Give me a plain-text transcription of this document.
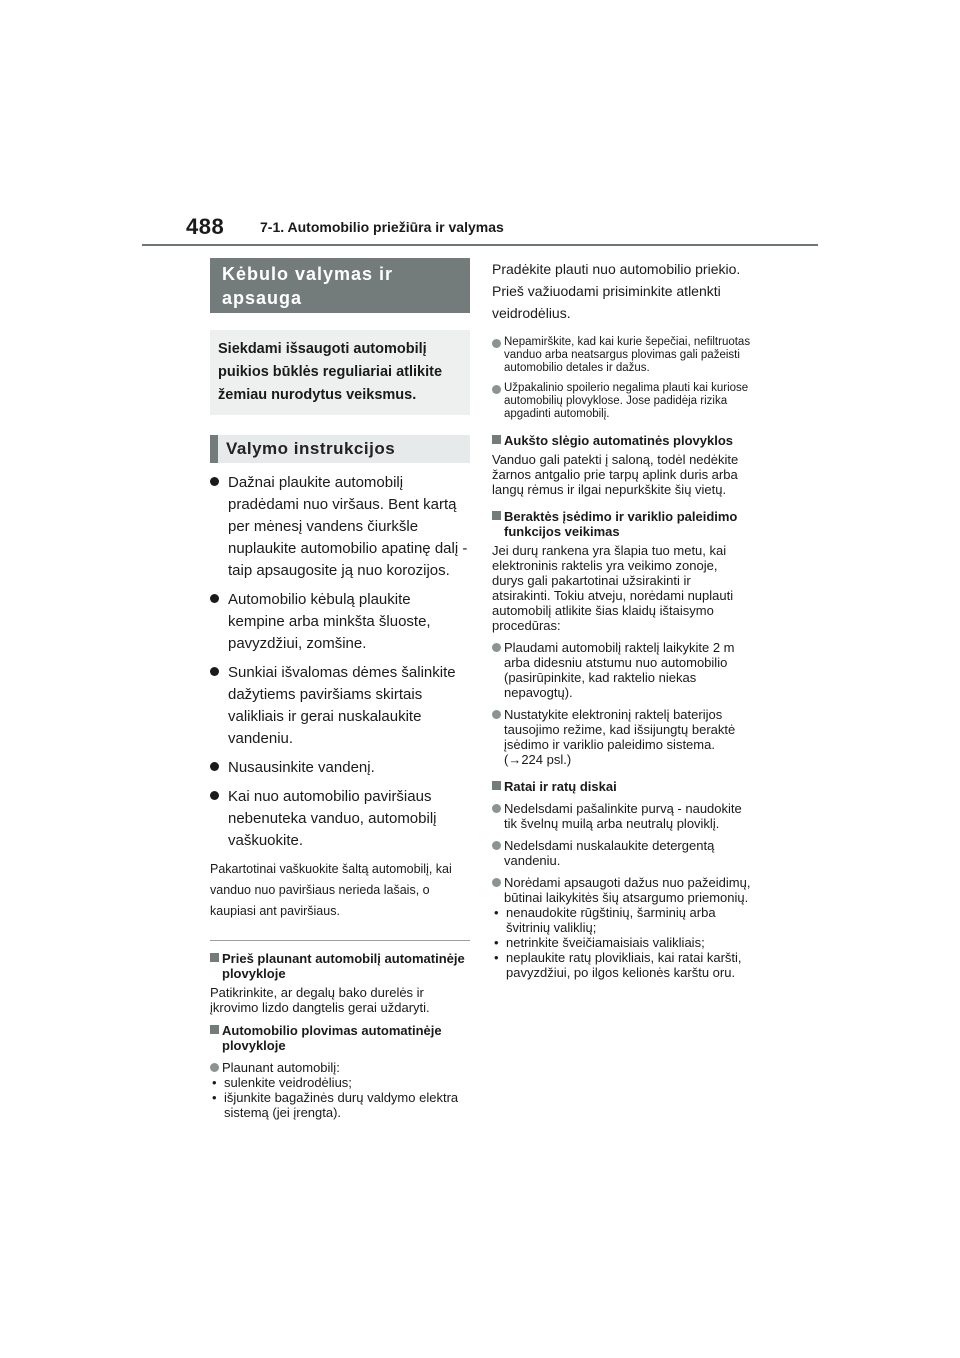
488	7-1. Automobilio priežiūra ir valymas
Kėbulo valymas ir apsauga
Siekdami išsaugoti automobilį puikios būklės reguliariai atlikite žemiau nurodytus veiksmus.
Valymo instrukcijos
Dažnai plaukite automobilį pradėdami nuo viršaus. Bent kartą per mėnesį vandens čiurkšle nuplaukite automobilio apatinę dalį - taip apsaugosite ją nuo korozijos.
Automobilio kėbulą plaukite kempine arba minkšta šluoste, pavyzdžiui, zomšine.
Sunkiai išvalomas dėmes šalinkite dažytiems paviršiams skirtais valikliais ir gerai nuskalaukite vandeniu.
Nusausinkite vandenį.
Kai nuo automobilio paviršiaus nebenuteka vanduo, automobilį vaškuokite.
Pakartotinai vaškuokite šaltą automobilį, kai vanduo nuo paviršiaus nerieda lašais, o kaupiasi ant paviršiaus.
Prieš plaunant automobilį automatinėje plovykloje
Patikrinkite, ar degalų bako durelės ir įkrovimo lizdo dangtelis gerai uždaryti.
Automobilio plovimas automatinėje plovykloje
Plaunant automobilį:
• sulenkite veidrodėlius;
• išjunkite bagažinės durų valdymo elektra sistemą (jei įrengta).
Pradėkite plauti nuo automobilio priekio. Prieš važiuodami prisiminkite atlenkti veidrodėlius.
Nepamirškite, kad kai kurie šepečiai, nefiltruotas vanduo arba neatsargus plovimas gali pažeisti automobilio detales ir dažus.
Užpakalinio spoilerio negalima plauti kai kuriose automobilių plovyklose. Jose padidėja rizika apgadinti automobilį.
Aukšto slėgio automatinės plovyklos
Vanduo gali patekti į saloną, todėl nedėkite žarnos antgalio prie tarpų aplink duris arba langų rėmus ir ilgai nepurkškite šių vietų.
Beraktės įsėdimo ir variklio paleidimo funkcijos veikimas
Jei durų rankena yra šlapia tuo metu, kai elektroninis raktelis yra veikimo zonoje, durys gali pakartotinai užsirakinti ir atsirakinti. Tokiu atveju, norėdami nuplauti automobilį atlikite šias klaidų ištaisymo procedūras:
Plaudami automobilį raktelį laikykite 2 m arba didesniu atstumu nuo automobilio (pasirūpinkite, kad raktelio niekas nepavogtų).
Nustatykite elektroninį raktelį baterijos tausojimo režime, kad išsijungtų beraktė įsėdimo ir variklio paleidimo sistema. (→224 psl.)
Ratai ir ratų diskai
Nedelsdami pašalinkite purvą - naudokite tik švelnų muilą arba neutralų ploviklį.
Nedelsdami nuskalaukite detergentą vandeniu.
Norėdami apsaugoti dažus nuo pažeidimų, būtinai laikykitės šių atsargumo priemonių.
• nenaudokite rūgštinių, šarminių arba švitrinių valiklių;
• netrinkite šveičiamaisiais valikliais;
• neplaukite ratų plovikliais, kai ratai karšti, pavyzdžiui, po ilgos kelionės karštu oru.
